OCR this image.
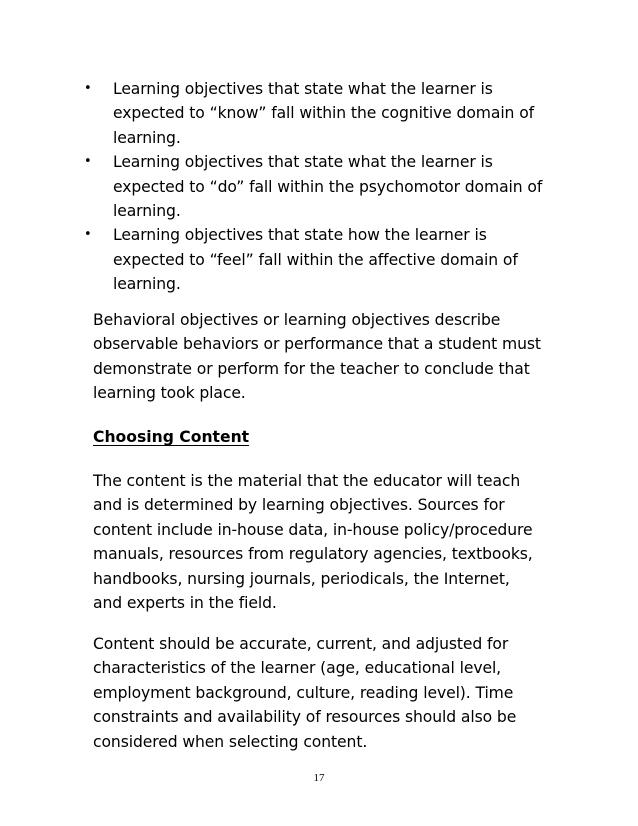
•	Learning objectives that state what the learner is
expected to “know” fall within the cognitive domain of
learning.
•	Learning objectives that state what the learner is
expected to “do” fall within the psychomotor domain of
learning.
•	Learning objectives that state how the learner is
expected to “feel” fall within the affective domain of
learning.

Behavioral objectives or learning objectives describe
observable behaviors or performance that a student must
demonstrate or perform for the teacher to conclude that
learning took place.

Choosing Content

The content is the material that the educator will teach
and is determined by learning objectives. Sources for
content include in-house data, in-house policy/procedure
manuals, resources from regulatory agencies, textbooks,
handbooks, nursing journals, periodicals, the Internet,
and experts in the field.

Content should be accurate, current, and adjusted for
characteristics of the learner (age, educational level,
employment background, culture, reading level). Time
constraints and availability of resources should also be
considered when selecting content.

17
